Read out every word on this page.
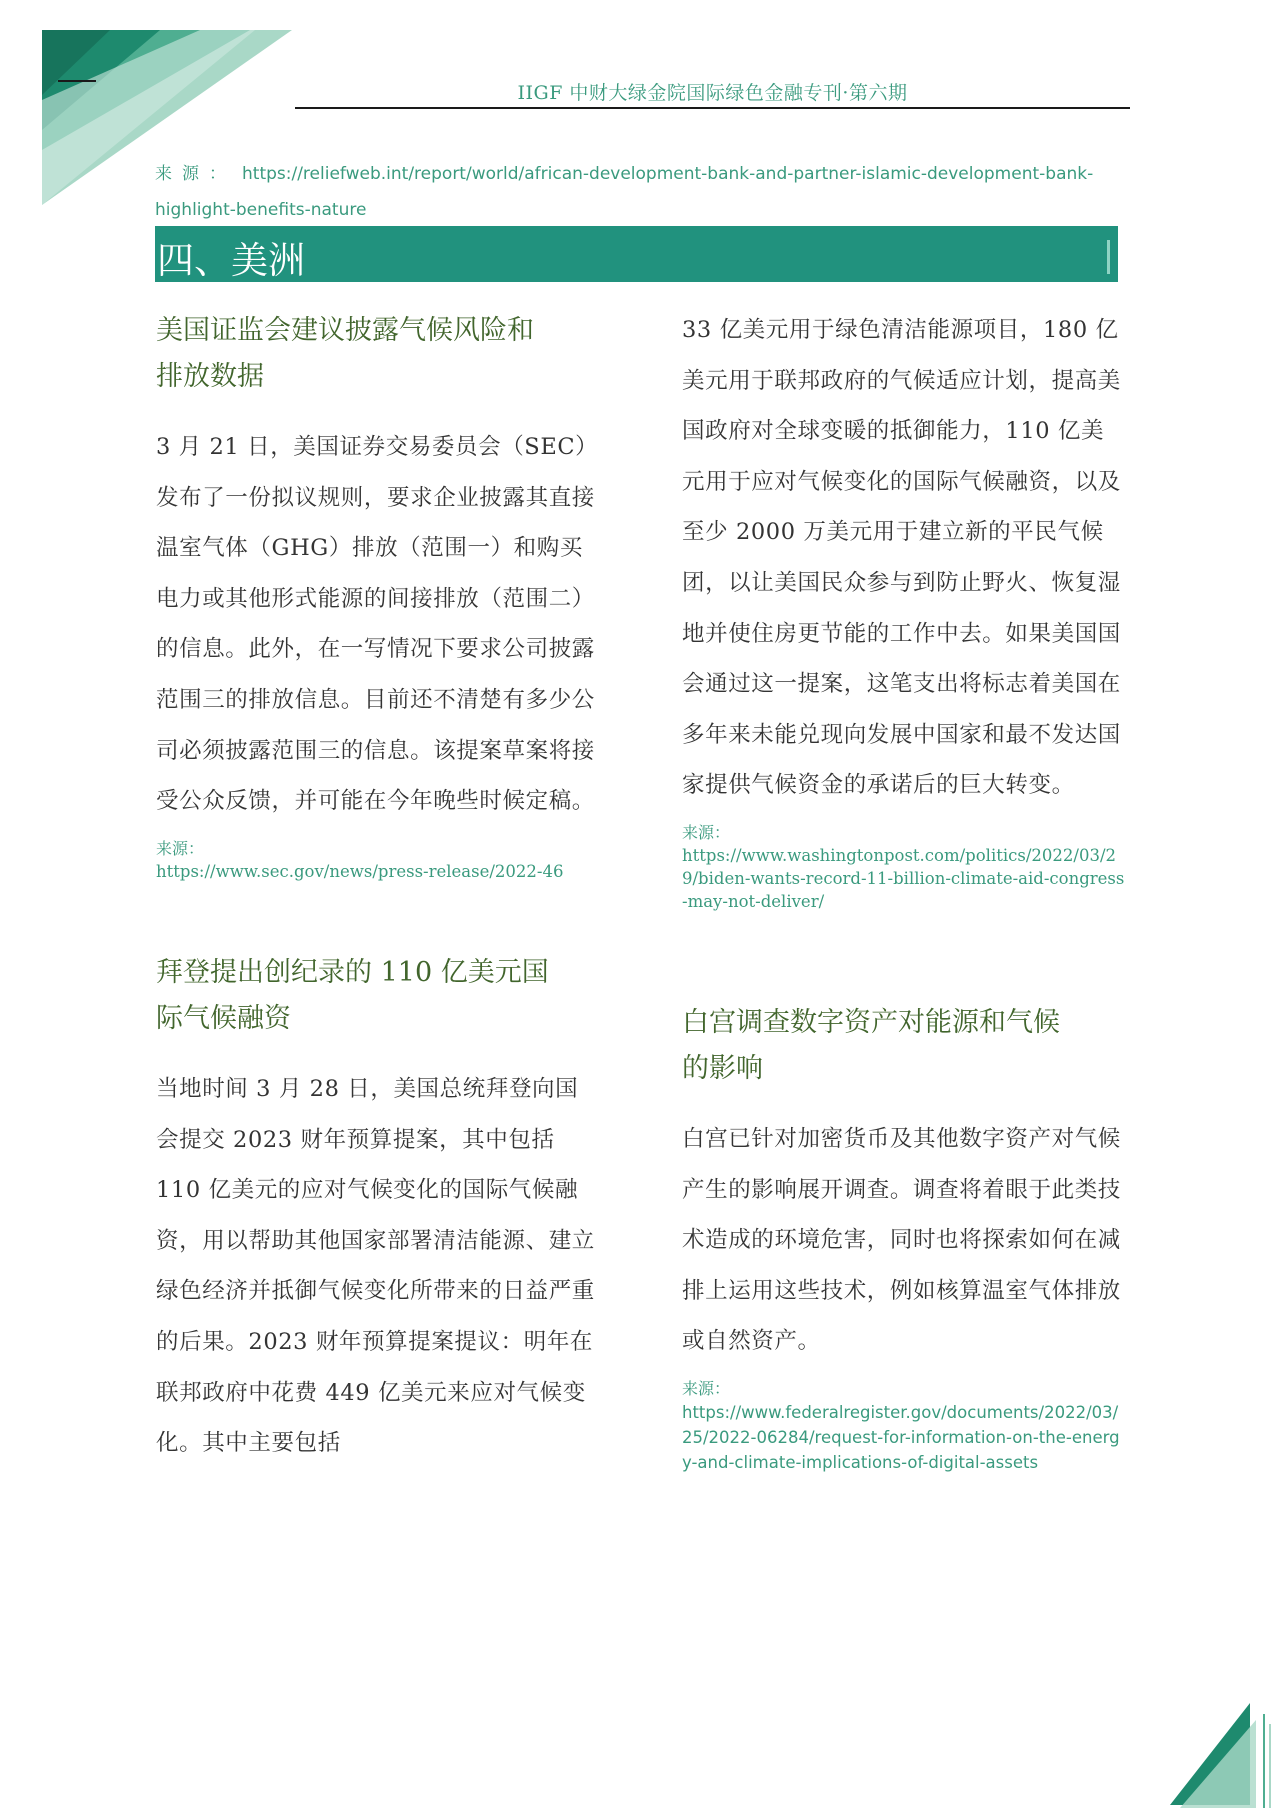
IIGF 中财大绿金院国际绿色金融专刊·第六期
来源： https://reliefweb.int/report/world/african-development-bank-and-partner-islamic-development-bank-highlight-benefits-nature
四、美洲
美国证监会建议披露气候风险和
排放数据

3 月 21 日，美国证券交易委员会（SEC）发布了一份拟议规则，要求企业披露其直接温室气体（GHG）排放（范围一）和购买电力或其他形式能源的间接排放（范围二）的信息。此外，在一写情况下要求公司披露范围三的排放信息。目前还不清楚有多少公司必须披露范围三的信息。该提案草案将接受公众反馈，并可能在今年晚些时候定稿。

来源：
https://www.sec.gov/news/press-release/2022-46
拜登提出创纪录的 110 亿美元国
际气候融资

当地时间 3 月 28 日，美国总统拜登向国会提交 2023 财年预算提案，其中包括 110 亿美元的应对气候变化的国际气候融资，用以帮助其他国家部署清洁能源、建立绿色经济并抵御气候变化所带来的日益严重的后果。2023 财年预算提案提议：明年在联邦政府中花费 449 亿美元来应对气候变化。其中主要包括

33 亿美元用于绿色清洁能源项目，180 亿美元用于联邦政府的气候适应计划，提高美国政府对全球变暖的抵御能力，110 亿美元用于应对气候变化的国际气候融资，以及至少 2000 万美元用于建立新的平民气候团，以让美国民众参与到防止野火、恢复湿地并使住房更节能的工作中去。如果美国国会通过这一提案，这笔支出将标志着美国在多年来未能兑现向发展中国家和最不发达国家提供气候资金的承诺后的巨大转变。

来源：
https://www.washingtonpost.com/politics/2022/03/29/biden-wants-record-11-billion-climate-aid-congress-may-not-deliver/
白宫调查数字资产对能源和气候
的影响

白宫已针对加密货币及其他数字资产对气候产生的影响展开调查。调查将着眼于此类技术造成的环境危害，同时也将探索如何在减排上运用这些技术，例如核算温室气体排放或自然资产。

来源：
https://www.federalregister.gov/documents/2022/03/25/2022-06284/request-for-information-on-the-energy-and-climate-implications-of-digital-assets
